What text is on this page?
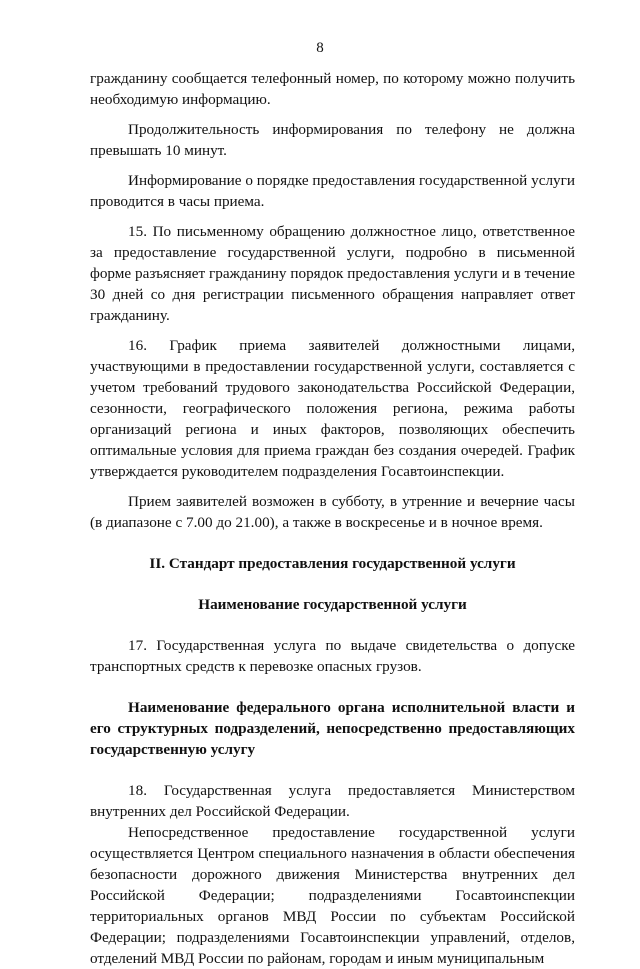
8

гражданину сообщается телефонный номер, по которому можно получить необходимую информацию.

Продолжительность информирования по телефону не должна превышать 10 минут.

Информирование о порядке предоставления государственной услуги проводится в часы приема.

15. По письменному обращению должностное лицо, ответственное за предоставление государственной услуги, подробно в письменной форме разъясняет гражданину порядок предоставления услуги и в течение 30 дней со дня регистрации письменного обращения направляет ответ гражданину.

16. График приема заявителей должностными лицами, участвующими в предоставлении государственной услуги, составляется с учетом требований трудового законодательства Российской Федерации, сезонности, географического положения региона, режима работы организаций региона и иных факторов, позволяющих обеспечить оптимальные условия для приема граждан без создания очередей. График утверждается руководителем подразделения Госавтоинспекции.

Прием заявителей возможен в субботу, в утренние и вечерние часы (в диапазоне с 7.00 до 21.00), а также в воскресенье и в ночное время.

II. Стандарт предоставления государственной услуги
Наименование государственной услуги

17. Государственная услуга по выдаче свидетельства о допуске транспортных средств к перевозке опасных грузов.

Наименование федерального органа исполнительной власти и его структурных подразделений, непосредственно предоставляющих государственную услугу

18. Государственная услуга предоставляется Министерством внутренних дел Российской Федерации.

Непосредственное предоставление государственной услуги осуществляется Центром специального назначения в области обеспечения безопасности дорожного движения Министерства внутренних дел Российской Федерации; подразделениями Госавтоинспекции территориальных органов МВД России по субъектам Российской Федерации; подразделениями Госавтоинспекции управлений, отделов, отделений МВД России по районам, городам и иным муниципальным
